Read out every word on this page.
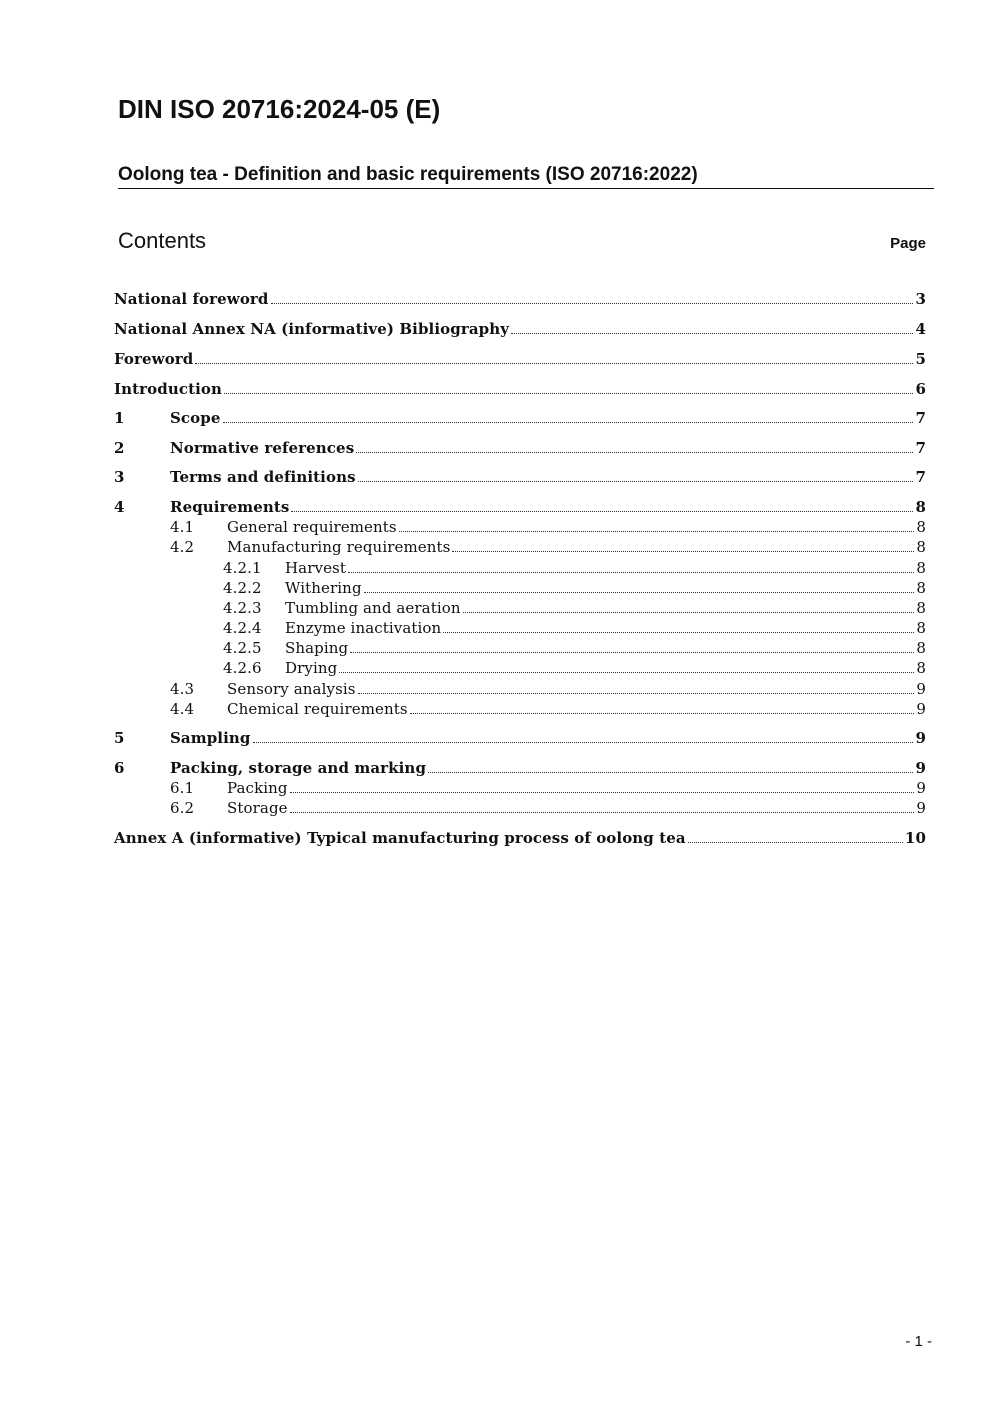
DIN ISO 20716:2024-05 (E)
Oolong tea - Definition and basic requirements (ISO 20716:2022)
Contents	Page
National foreword	3
National Annex NA (informative) Bibliography	4
Foreword	5
Introduction	6
1	Scope	7
2	Normative references	7
3	Terms and definitions	7
4	Requirements	8
4.1	General requirements	8
4.2	Manufacturing requirements	8
4.2.1	Harvest	8
4.2.2	Withering	8
4.2.3	Tumbling and aeration	8
4.2.4	Enzyme inactivation	8
4.2.5	Shaping	8
4.2.6	Drying	8
4.3	Sensory analysis	9
4.4	Chemical requirements	9
5	Sampling	9
6	Packing, storage and marking	9
6.1	Packing	9
6.2	Storage	9
Annex A (informative) Typical manufacturing process of oolong tea	10
- 1 -
